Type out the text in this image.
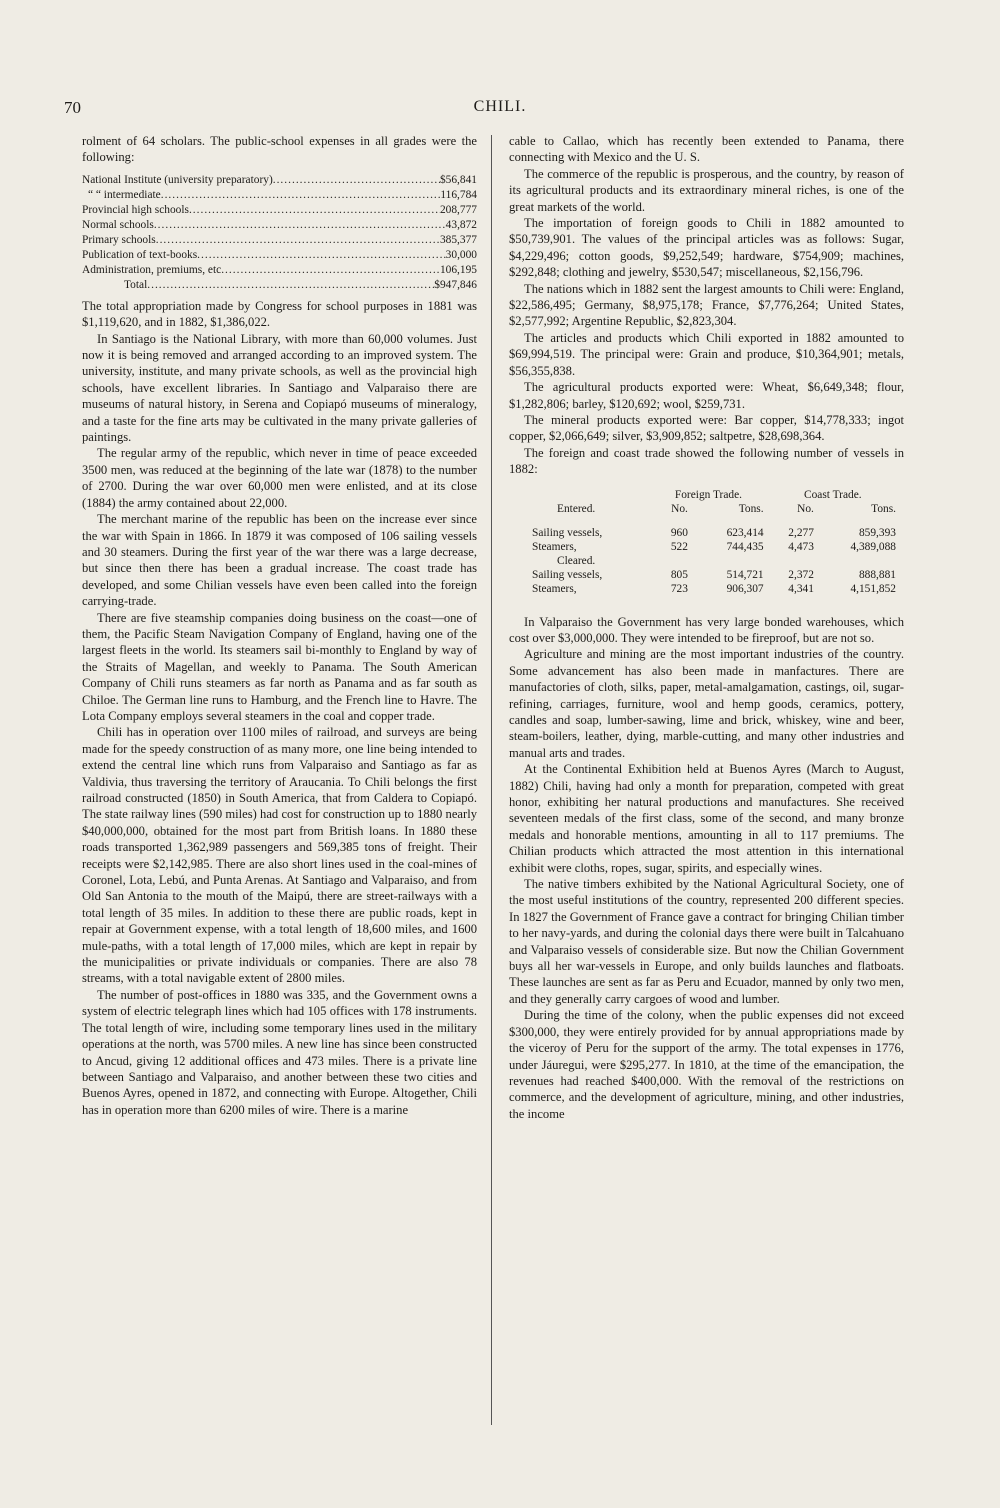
70	CHILI.

rolment of 64 scholars. The public-school expenses in all grades were the following:

National Institute (university preparatory) .....	$56,841
“ “ intermediate .....	116,784
Provincial high schools .....	208,777
Normal schools .....	43,872
Primary schools .....	385,377
Publication of text-books .....	30,000
Administration, premiums, etc .....	106,195
Total .....	$947,846

The total appropriation made by Congress for school purposes in 1881 was $1,119,620, and in 1882, $1,386,022.

In Santiago is the National Library, with more than 60,000 volumes. Just now it is being removed and arranged according to an improved system. The university, institute, and many private schools, as well as the provincial high schools, have excellent libraries. In Santiago and Valparaiso there are museums of natural history, in Serena and Copiapó museums of mineralogy, and a taste for the fine arts may be cultivated in the many private galleries of paintings.

The regular army of the republic, which never in time of peace exceeded 3500 men, was reduced at the beginning of the late war (1878) to the number of 2700. During the war over 60,000 men were enlisted, and at its close (1884) the army contained about 22,000.

The merchant marine of the republic has been on the increase ever since the war with Spain in 1866. In 1879 it was composed of 106 sailing vessels and 30 steamers. During the first year of the war there was a large decrease, but since then there has been a gradual increase. The coast trade has developed, and some Chilian vessels have even been called into the foreign carrying-trade.

There are five steamship companies doing business on the coast—one of them, the Pacific Steam Navigation Company of England, having one of the largest fleets in the world. Its steamers sail bi-monthly to England by way of the Straits of Magellan, and weekly to Panama. The South American Company of Chili runs steamers as far north as Panama and as far south as Chiloe. The German line runs to Hamburg, and the French line to Havre. The Lota Company employs several steamers in the coal and copper trade.

Chili has in operation over 1100 miles of railroad, and surveys are being made for the speedy construction of as many more, one line being intended to extend the central line which runs from Valparaiso and Santiago as far as Valdivia, thus traversing the territory of Araucania. To Chili belongs the first railroad constructed (1850) in South America, that from Caldera to Copiapó. The state railway lines (590 miles) had cost for construction up to 1880 nearly $40,000,000, obtained for the most part from British loans. In 1880 these roads transported 1,362,989 passengers and 569,385 tons of freight. Their receipts were $2,142,985. There are also short lines used in the coal-mines of Coronel, Lota, Lebú, and Punta Arenas. At Santiago and Valparaiso, and from Old San Antonia to the mouth of the Maipú, there are street-railways with a total length of 35 miles. In addition to these there are public roads, kept in repair at Government expense, with a total length of 18,600 miles, and 1600 mule-paths, with a total length of 17,000 miles, which are kept in repair by the municipalities or private individuals or companies. There are also 78 streams, with a total navigable extent of 2800 miles.

The number of post-offices in 1880 was 335, and the Government owns a system of electric telegraph lines which had 105 offices with 178 instruments. The total length of wire, including some temporary lines used in the military operations at the north, was 5700 miles. A new line has since been constructed to Ancud, giving 12 additional offices and 473 miles. There is a private line between Santiago and Valparaiso, and another between these two cities and Buenos Ayres, opened in 1872, and connecting with Europe. Altogether, Chili has in operation more than 6200 miles of wire. There is a marine

cable to Callao, which has recently been extended to Panama, there connecting with Mexico and the U. S.

The commerce of the republic is prosperous, and the country, by reason of its agricultural products and its extraordinary mineral riches, is one of the great markets of the world.

The importation of foreign goods to Chili in 1882 amounted to $50,739,901. The values of the principal articles was as follows: Sugar, $4,229,496; cotton goods, $9,252,549; hardware, $754,909; machines, $292,848; clothing and jewelry, $530,547; miscellaneous, $2,156,796.

The nations which in 1882 sent the largest amounts to Chili were: England, $22,586,495; Germany, $8,975,178; France, $7,776,264; United States, $2,577,992; Argentine Republic, $2,823,304.

The articles and products which Chili exported in 1882 amounted to $69,994,519. The principal were: Grain and produce, $10,364,901; metals, $56,355,838.

The agricultural products exported were: Wheat, $6,649,348; flour, $1,282,806; barley, $120,692; wool, $259,731.

The mineral products exported were: Bar copper, $14,778,333; ingot copper, $2,066,649; silver, $3,909,852; saltpetre, $28,698,364.

The foreign and coast trade showed the following number of vessels in 1882:

	Foreign Trade.		Coast Trade.	
Entered.	No.	Tons.	No.	Tons.

Sailing vessels,	960	623,414	2,277	859,393
Steamers,	522	744,435	4,473	4,389,088
Cleared.				
Sailing vessels,	805	514,721	2,372	888,881
Steamers,	723	906,307	4,341	4,151,852

In Valparaiso the Government has very large bonded warehouses, which cost over $3,000,000. They were intended to be fireproof, but are not so.

Agriculture and mining are the most important industries of the country. Some advancement has also been made in manfactures. There are manufactories of cloth, silks, paper, metal-amalgamation, castings, oil, sugar-refining, carriages, furniture, wool and hemp goods, ceramics, pottery, candles and soap, lumber-sawing, lime and brick, whiskey, wine and beer, steam-boilers, leather, dying, marble-cutting, and many other industries and manual arts and trades.

At the Continental Exhibition held at Buenos Ayres (March to August, 1882) Chili, having had only a month for preparation, competed with great honor, exhibiting her natural productions and manufactures. She received seventeen medals of the first class, some of the second, and many bronze medals and honorable mentions, amounting in all to 117 premiums. The Chilian products which attracted the most attention in this international exhibit were cloths, ropes, sugar, spirits, and especially wines.

The native timbers exhibited by the National Agricultural Society, one of the most useful institutions of the country, represented 200 different species. In 1827 the Government of France gave a contract for bringing Chilian timber to her navy-yards, and during the colonial days there were built in Talcahuano and Valparaiso vessels of considerable size. But now the Chilian Government buys all her war-vessels in Europe, and only builds launches and flatboats. These launches are sent as far as Peru and Ecuador, manned by only two men, and they generally carry cargoes of wood and lumber.

During the time of the colony, when the public expenses did not exceed $300,000, they were entirely provided for by annual appropriations made by the viceroy of Peru for the support of the army. The total expenses in 1776, under Jáuregui, were $295,277. In 1810, at the time of the emancipation, the revenues had reached $400,000. With the removal of the restrictions on commerce, and the development of agriculture, mining, and other industries, the income
